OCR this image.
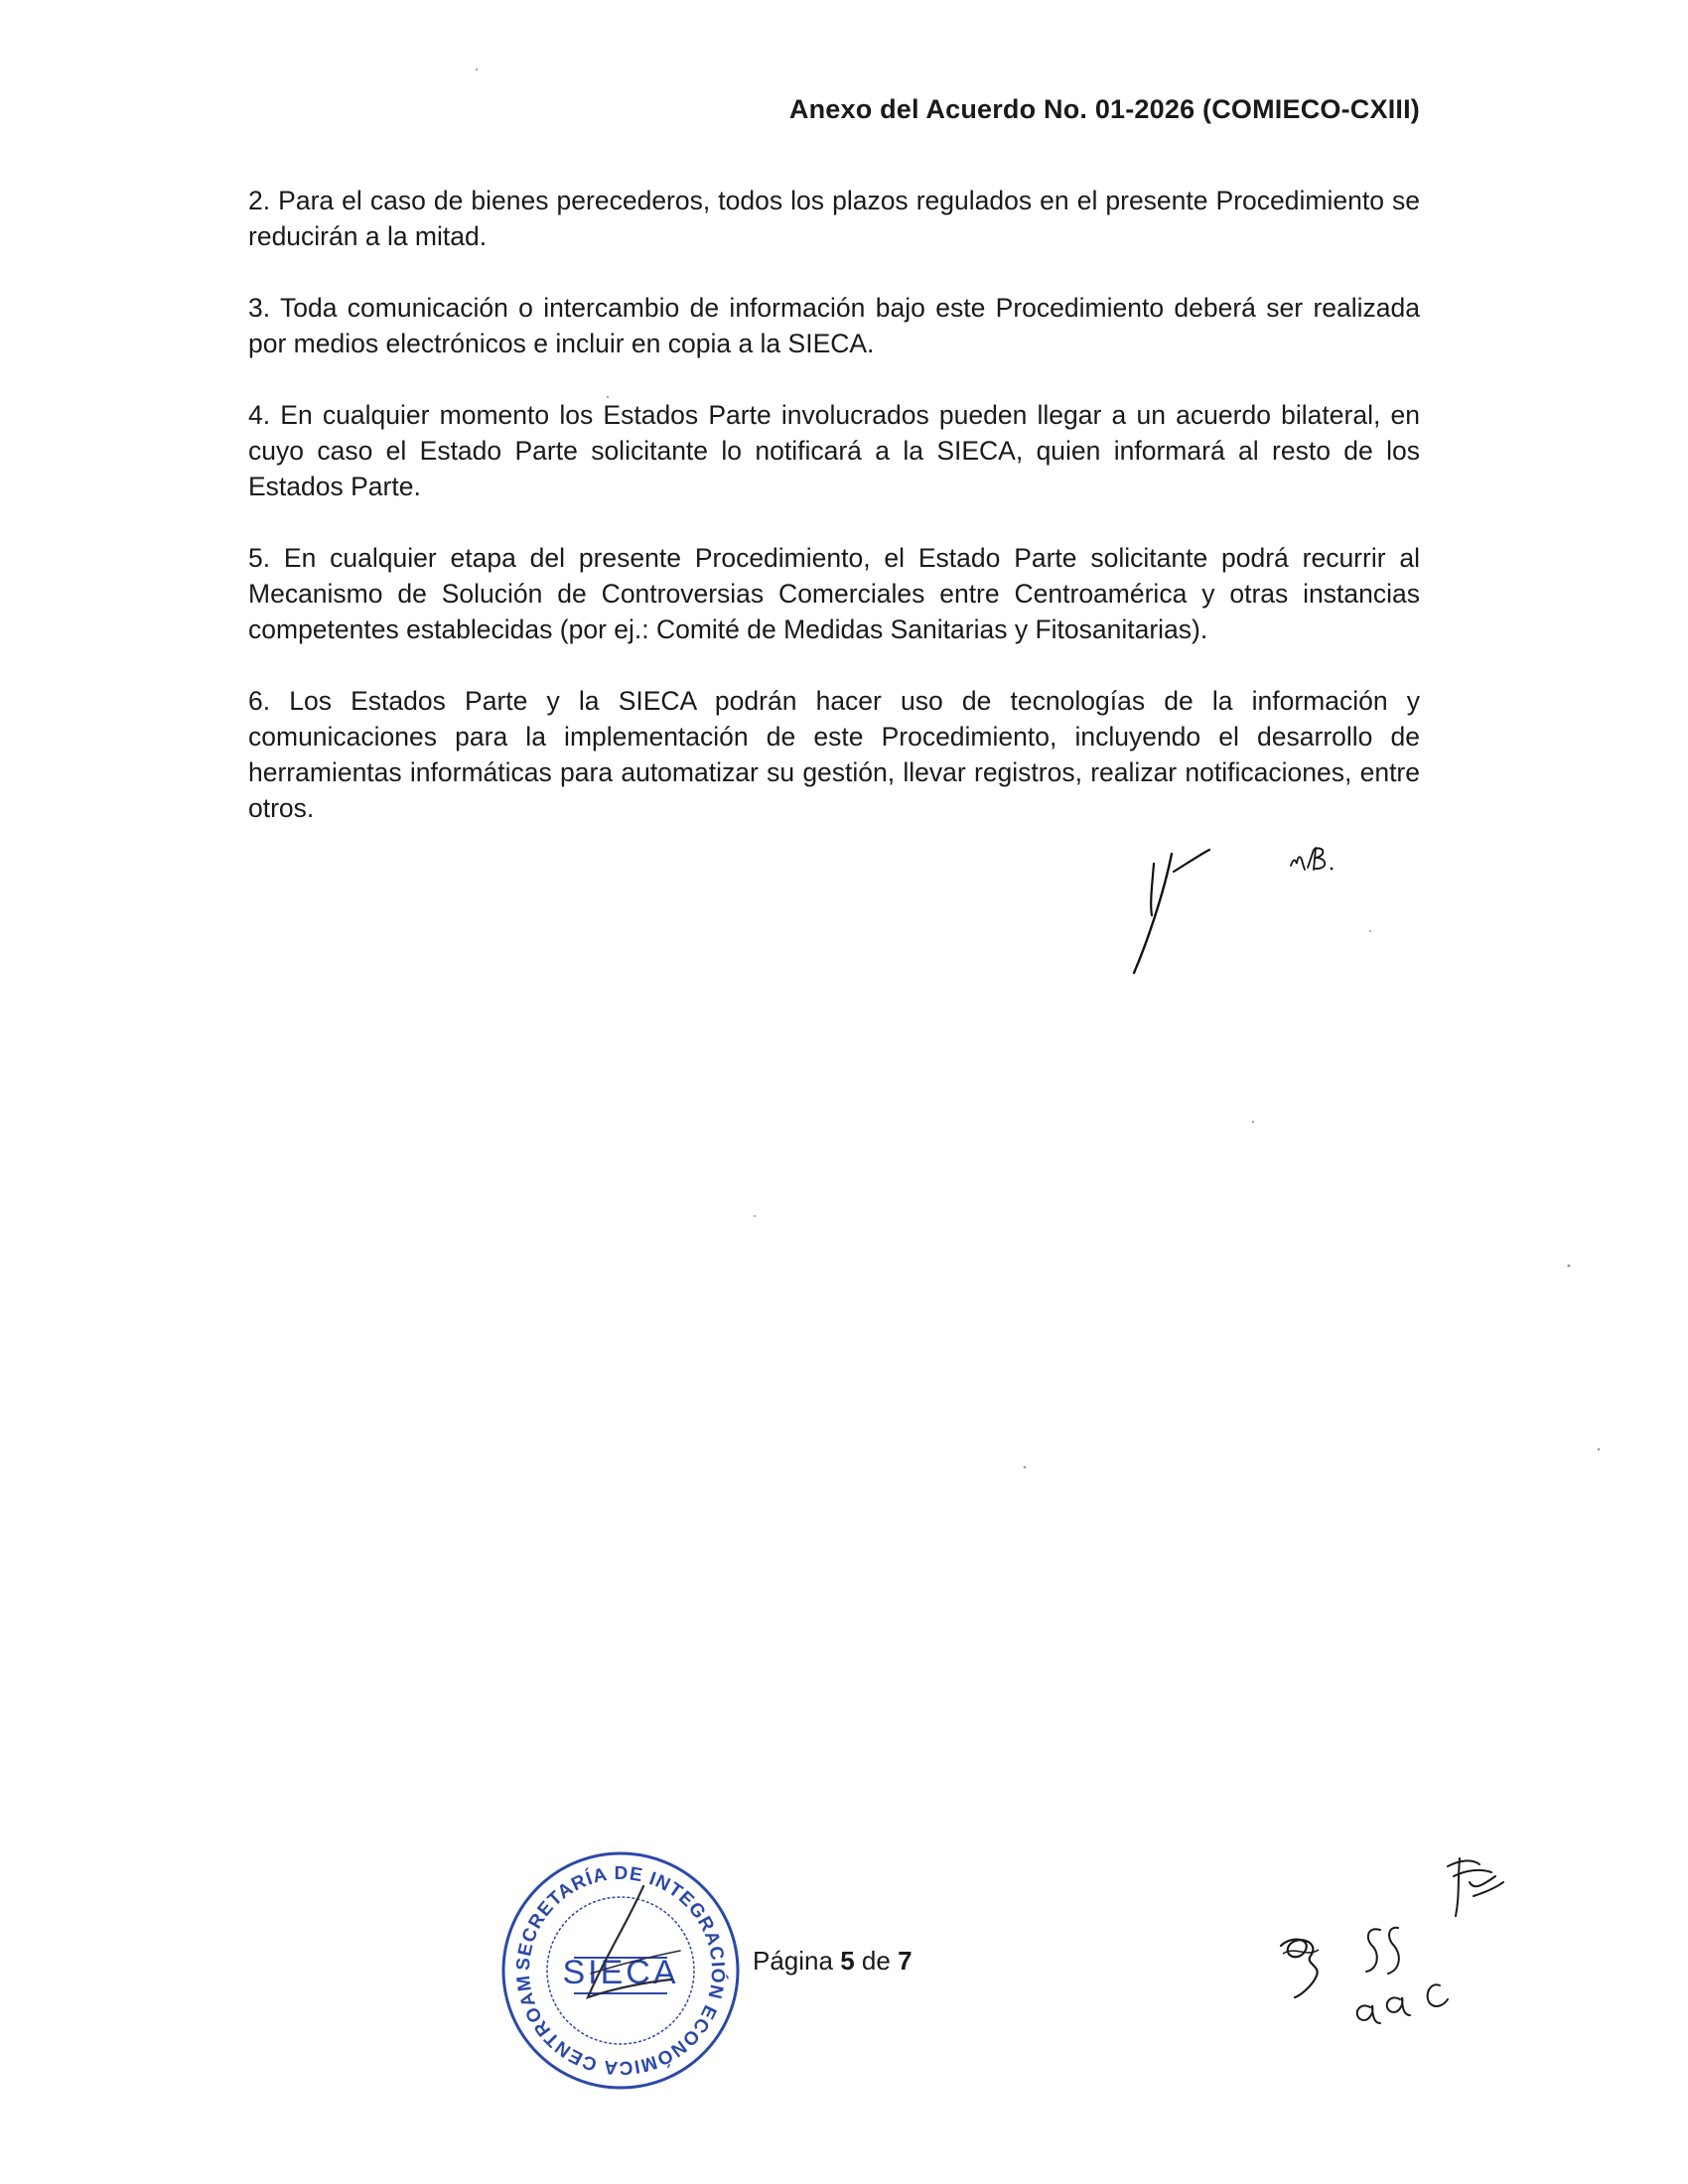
Anexo del Acuerdo No. 01-2026 (COMIECO-CXIII)

2. Para el caso de bienes perecederos, todos los plazos regulados en el presente Procedimiento se reducirán a la mitad.

3. Toda comunicación o intercambio de información bajo este Procedimiento deberá ser realizada por medios electrónicos e incluir en copia a la SIECA.

4. En cualquier momento los Estados Parte involucrados pueden llegar a un acuerdo bilateral, en cuyo caso el Estado Parte solicitante lo notificará a la SIECA, quien informará al resto de los Estados Parte.

5. En cualquier etapa del presente Procedimiento, el Estado Parte solicitante podrá recurrir al Mecanismo de Solución de Controversias Comerciales entre Centroamérica y otras instancias competentes establecidas (por ej.: Comité de Medidas Sanitarias y Fitosanitarias).

6. Los Estados Parte y la SIECA podrán hacer uso de tecnologías de la información y comunicaciones para la implementación de este Procedimiento, incluyendo el desarrollo de herramientas informáticas para automatizar su gestión, llevar registros, realizar notificaciones, entre otros.

SECRETARÍA DE INTEGRACIÓN ECONÓMICA CENTROAM SIECA	Página 5 de 7
